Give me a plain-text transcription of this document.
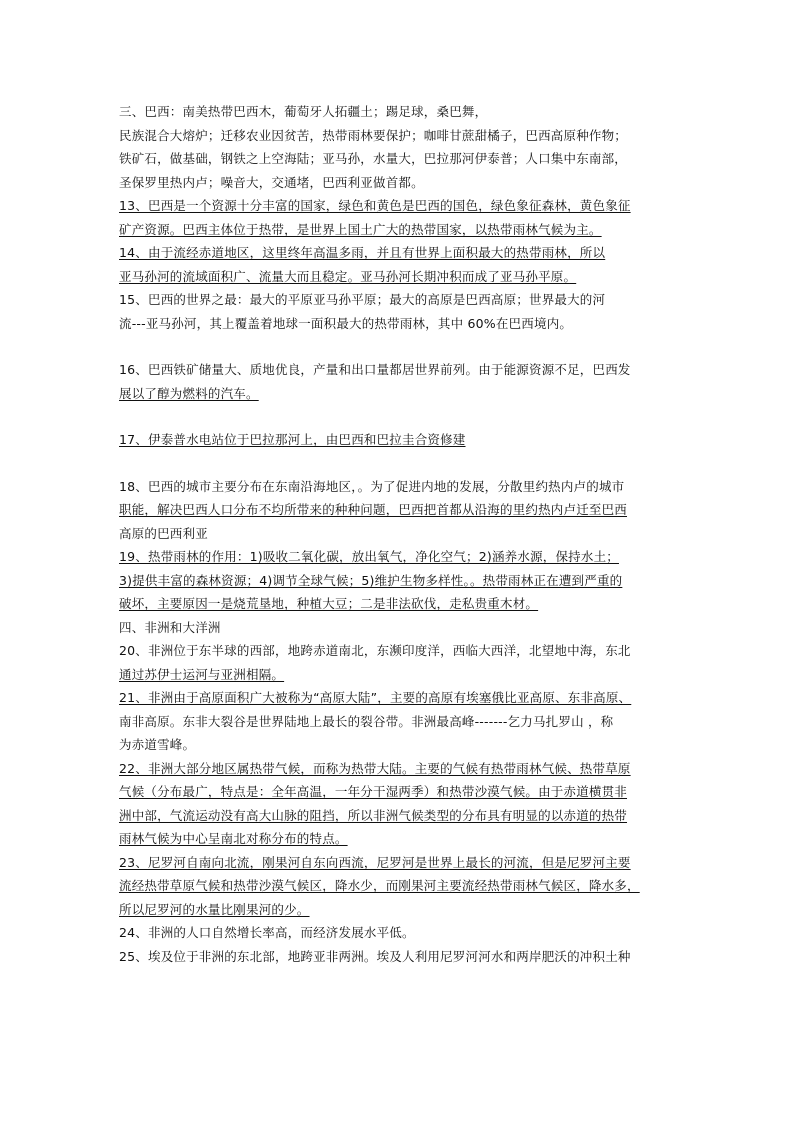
三、巴西：南美热带巴西木，葡萄牙人拓疆土；踢足球，桑巴舞，
民族混合大熔炉；迁移农业因贫苦，热带雨林要保护；咖啡甘蔗甜橘子，巴西高原种作物；
铁矿石，做基础，钢铁之上空海陆；亚马孙，水量大，巴拉那河伊泰普；人口集中东南部，
圣保罗里热内卢；噪音大，交通堵，巴西利亚做首都。
13、巴西是一个资源十分丰富的国家，绿色和黄色是巴西的国色，绿色象征森林，黄色象征
矿产资源。巴西主体位于热带，是世界上国土广大的热带国家，以热带雨林气候为主。
14、由于流经赤道地区，这里终年高温多雨，并且有世界上面积最大的热带雨林，所以
亚马孙河的流域面积广、流量大而且稳定。亚马孙河长期冲积而成了亚马孙平原。
15、巴西的世界之最：最大的平原亚马孙平原；最大的高原是巴西高原；世界最大的河
流---亚马孙河，其上覆盖着地球一面积最大的热带雨林，其中 60%在巴西境内。
16、巴西铁矿储量大、质地优良，产量和出口量都居世界前列。由于能源资源不足，巴西发
展以了醇为燃料的汽车。
17、伊泰普水电站位于巴拉那河上，由巴西和巴拉圭合资修建
18、巴西的城市主要分布在东南沿海地区，。为了促进内地的发展，分散里约热内卢的城市
职能，解决巴西人口分布不均所带来的种种问题，巴西把首都从沿海的里约热内卢迁至巴西
高原的巴西利亚
19、热带雨林的作用：1)吸收二氧化碳，放出氧气，净化空气；2)涵养水源，保持水土；
3)提供丰富的森林资源；4)调节全球气候；5)维护生物多样性。。热带雨林正在遭到严重的
破坏，主要原因一是烧荒垦地，种植大豆；二是非法砍伐，走私贵重木材。
四、非洲和大洋洲
20、非洲位于东半球的西部，地跨赤道南北，东濒印度洋，西临大西洋，北望地中海，东北
通过苏伊士运河与亚洲相隔。
21、非洲由于高原面积广大被称为“高原大陆”，主要的高原有埃塞俄比亚高原、东非高原、
南非高原。东非大裂谷是世界陆地上最长的裂谷带。非洲最高峰-------乞力马扎罗山 ，称
为赤道雪峰。
22、非洲大部分地区属热带气候，而称为热带大陆。主要的气候有热带雨林气候、热带草原
气候（分布最广，特点是：全年高温，一年分干湿两季）和热带沙漠气候。由于赤道横贯非
洲中部，气流运动没有高大山脉的阻挡，所以非洲气候类型的分布具有明显的以赤道的热带
雨林气候为中心呈南北对称分布的特点。
23、尼罗河自南向北流，刚果河自东向西流，尼罗河是世界上最长的河流，但是尼罗河主要
流经热带草原气候和热带沙漠气候区，降水少，而刚果河主要流经热带雨林气候区，降水多，
所以尼罗河的水量比刚果河的少。
24、非洲的人口自然增长率高，而经济发展水平低。
25、埃及位于非洲的东北部，地跨亚非两洲。埃及人利用尼罗河河水和两岸肥沃的冲积土种
